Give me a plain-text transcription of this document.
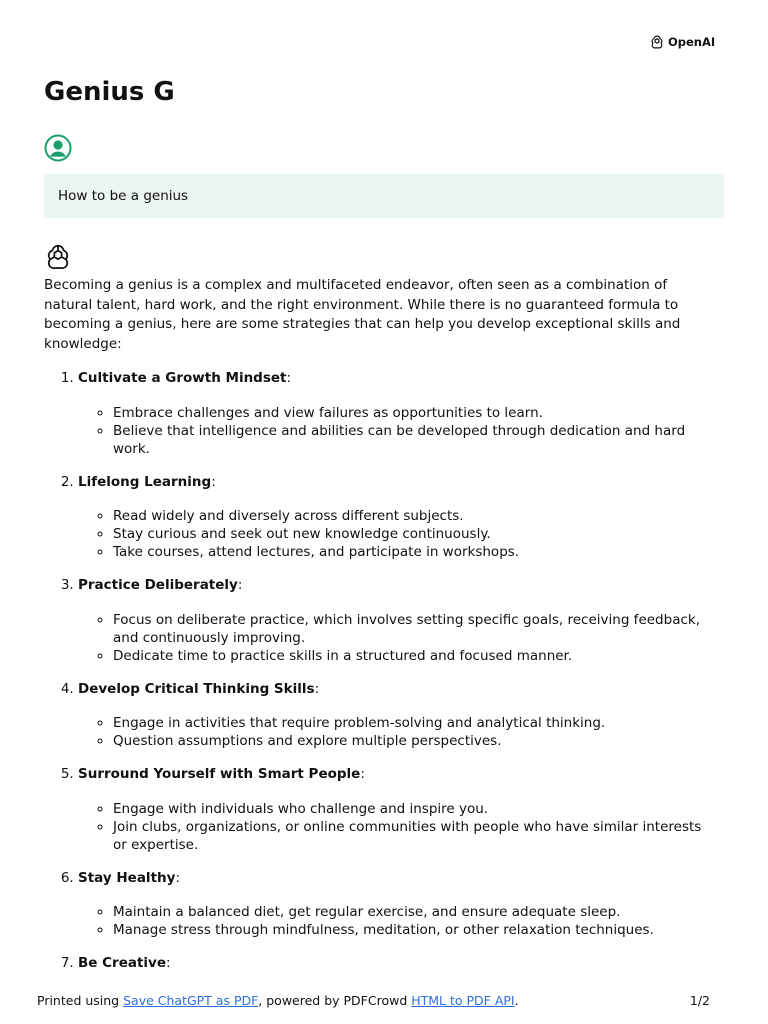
OpenAI
Genius G
How to be a genius

Becoming a genius is a complex and multifaceted endeavor, often seen as a combination of natural talent, hard work, and the right environment. While there is no guaranteed formula to becoming a genius, here are some strategies that can help you develop exceptional skills and knowledge:

1. Cultivate a Growth Mindset:
◦ Embrace challenges and view failures as opportunities to learn.
◦ Believe that intelligence and abilities can be developed through dedication and hard work.
2. Lifelong Learning:
◦ Read widely and diversely across different subjects.
◦ Stay curious and seek out new knowledge continuously.
◦ Take courses, attend lectures, and participate in workshops.
3. Practice Deliberately:
◦ Focus on deliberate practice, which involves setting specific goals, receiving feedback, and continuously improving.
◦ Dedicate time to practice skills in a structured and focused manner.
4. Develop Critical Thinking Skills:
◦ Engage in activities that require problem-solving and analytical thinking.
◦ Question assumptions and explore multiple perspectives.
5. Surround Yourself with Smart People:
◦ Engage with individuals who challenge and inspire you.
◦ Join clubs, organizations, or online communities with people who have similar interests or expertise.
6. Stay Healthy:
◦ Maintain a balanced diet, get regular exercise, and ensure adequate sleep.
◦ Manage stress through mindfulness, meditation, or other relaxation techniques.
7. Be Creative:
Printed using Save ChatGPT as PDF, powered by PDFCrowd HTML to PDF API.	1/2
